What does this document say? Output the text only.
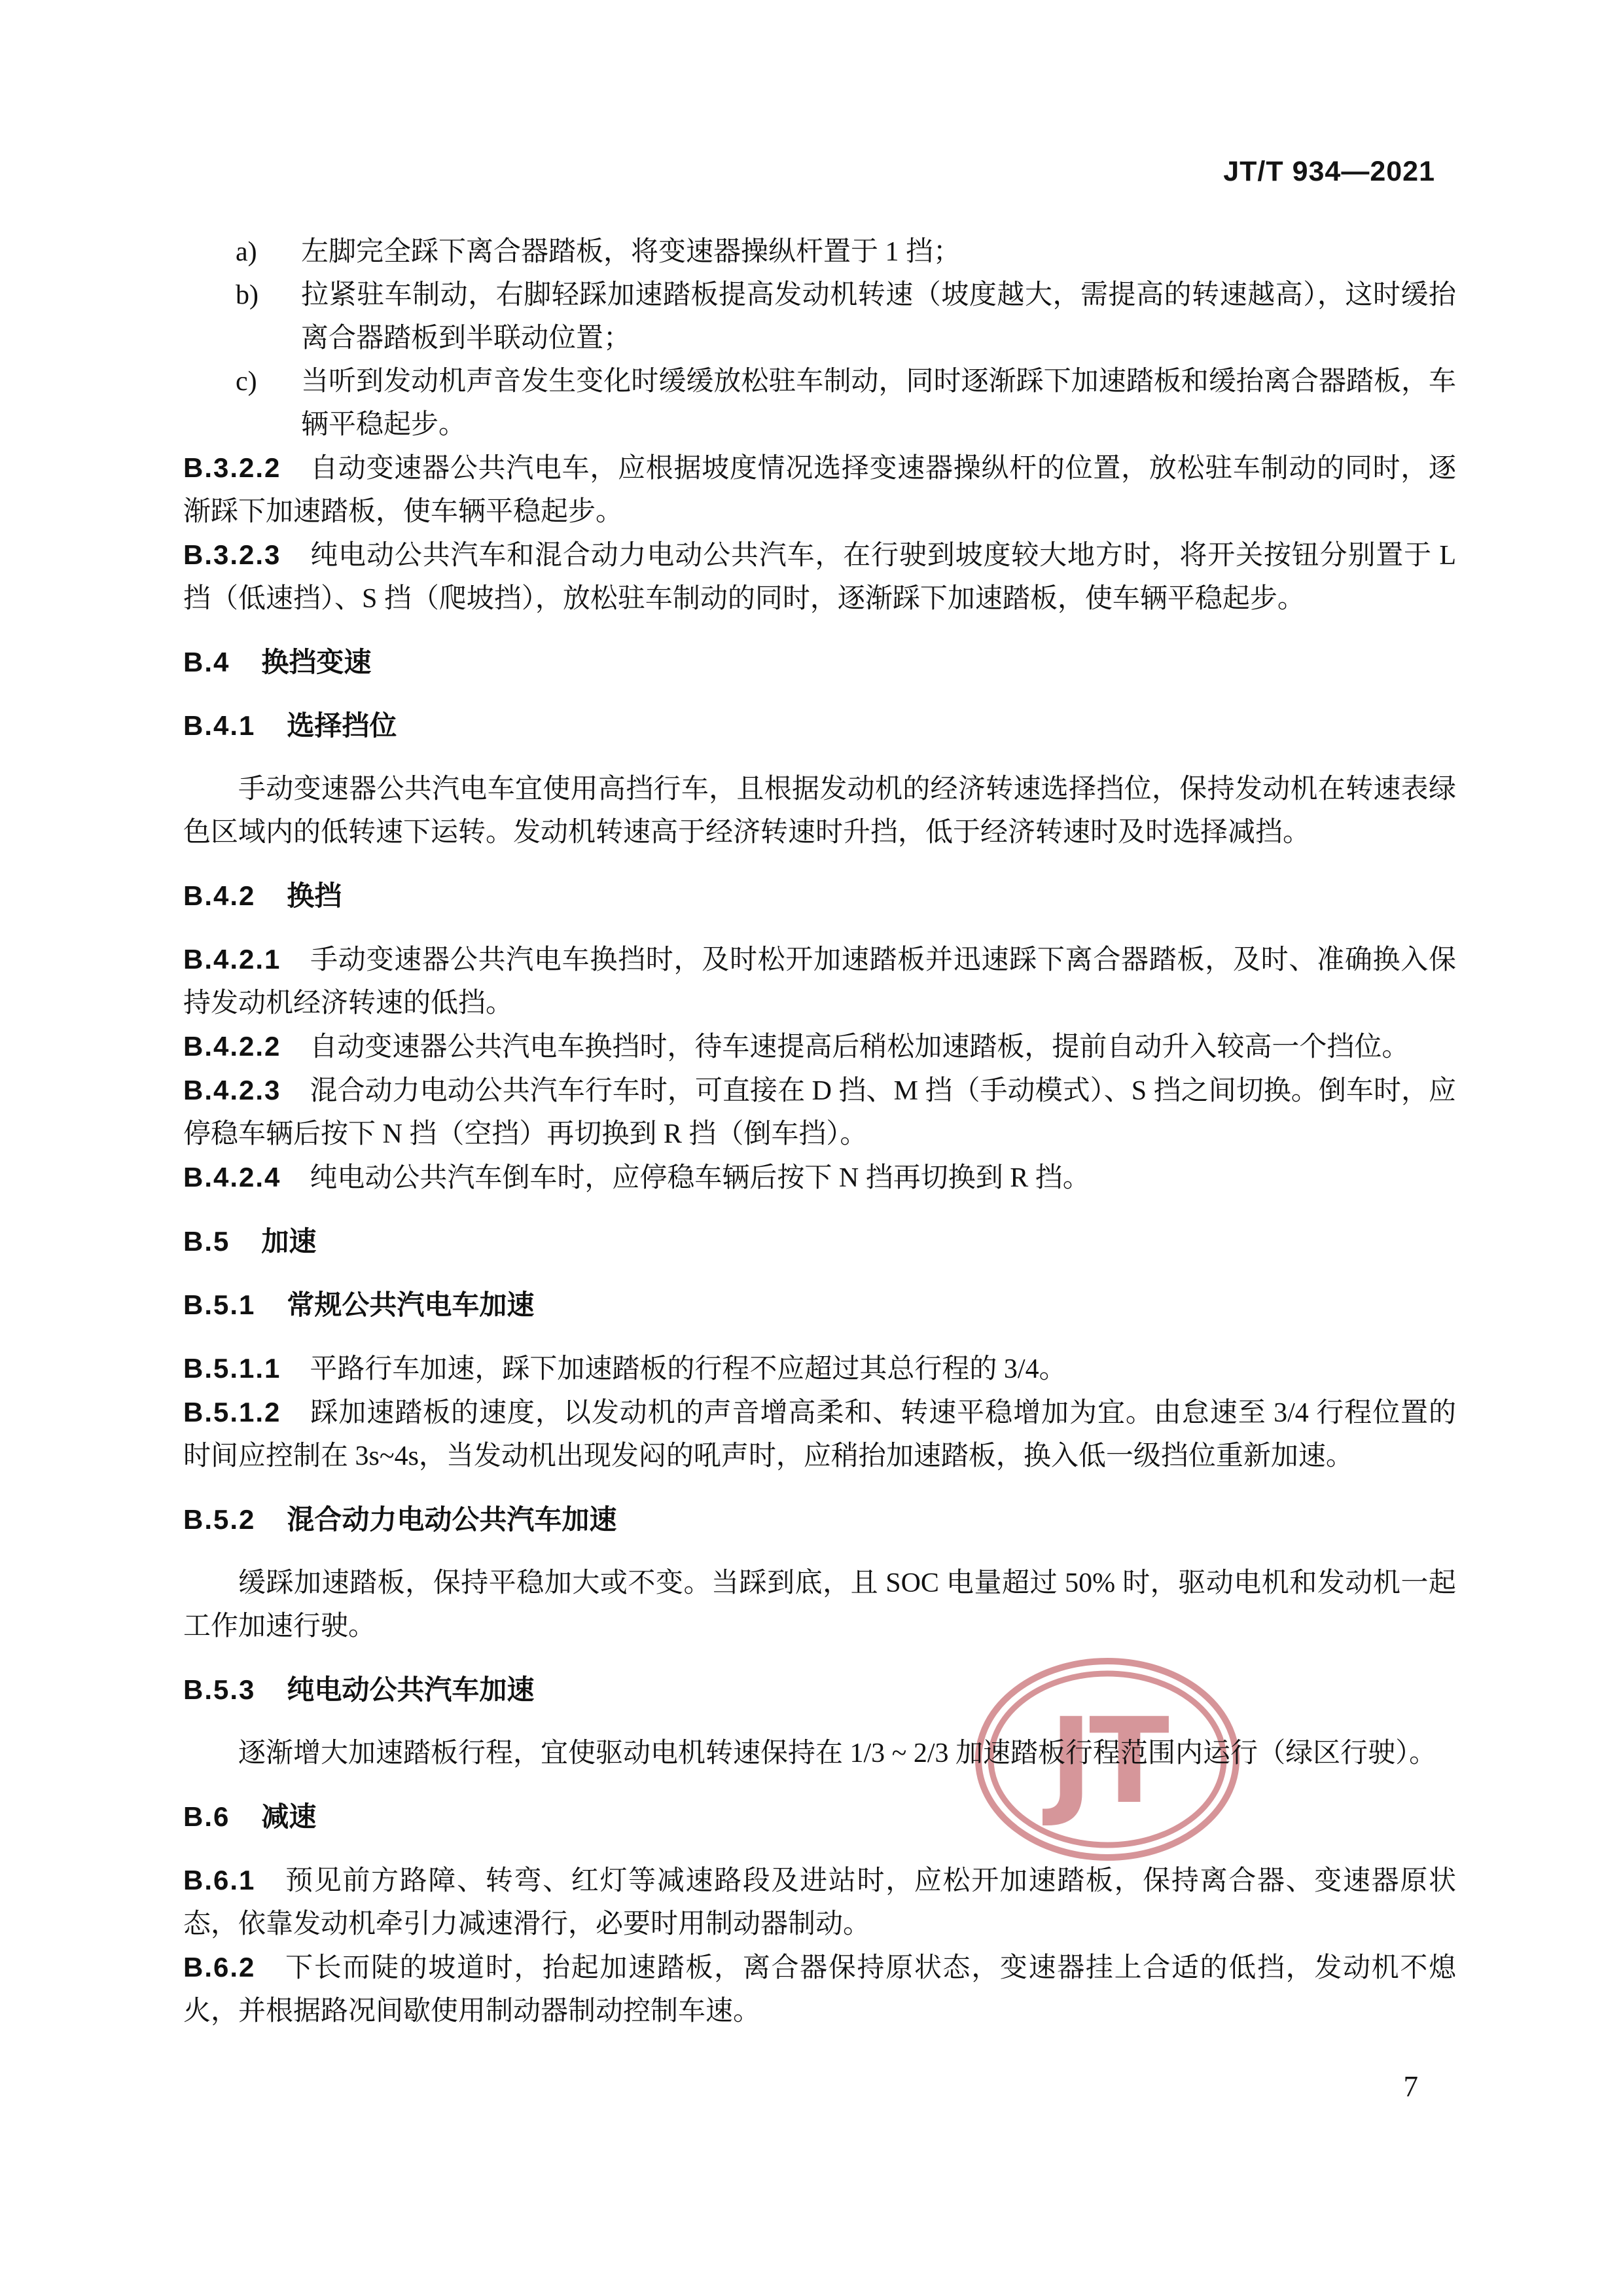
JT/T 934—2021
JT
a) 左脚完全踩下离合器踏板，将变速器操纵杆置于 1 挡；
b) 拉紧驻车制动，右脚轻踩加速踏板提高发动机转速（坡度越大，需提高的转速越高），这时缓抬离合器踏板到半联动位置；
c) 当听到发动机声音发生变化时缓缓放松驻车制动，同时逐渐踩下加速踏板和缓抬离合器踏板，车辆平稳起步。

B.3.2.2 自动变速器公共汽电车，应根据坡度情况选择变速器操纵杆的位置，放松驻车制动的同时，逐渐踩下加速踏板，使车辆平稳起步。

B.3.2.3 纯电动公共汽车和混合动力电动公共汽车，在行驶到坡度较大地方时，将开关按钮分别置于 L 挡（低速挡）、S 挡（爬坡挡），放松驻车制动的同时，逐渐踩下加速踏板，使车辆平稳起步。

B.4 换挡变速
B.4.1 选择挡位

手动变速器公共汽电车宜使用高挡行车，且根据发动机的经济转速选择挡位，保持发动机在转速表绿色区域内的低转速下运转。发动机转速高于经济转速时升挡，低于经济转速时及时选择减挡。

B.4.2 换挡

B.4.2.1 手动变速器公共汽电车换挡时，及时松开加速踏板并迅速踩下离合器踏板，及时、准确换入保持发动机经济转速的低挡。

B.4.2.2 自动变速器公共汽电车换挡时，待车速提高后稍松加速踏板，提前自动升入较高一个挡位。

B.4.2.3 混合动力电动公共汽车行车时，可直接在 D 挡、M 挡（手动模式）、S 挡之间切换。倒车时，应停稳车辆后按下 N 挡（空挡）再切换到 R 挡（倒车挡）。

B.4.2.4 纯电动公共汽车倒车时，应停稳车辆后按下 N 挡再切换到 R 挡。

B.5 加速
B.5.1 常规公共汽电车加速

B.5.1.1 平路行车加速，踩下加速踏板的行程不应超过其总行程的 3/4。

B.5.1.2 踩加速踏板的速度，以发动机的声音增高柔和、转速平稳增加为宜。由怠速至 3/4 行程位置的时间应控制在 3s~4s，当发动机出现发闷的吼声时，应稍抬加速踏板，换入低一级挡位重新加速。

B.5.2 混合动力电动公共汽车加速

缓踩加速踏板，保持平稳加大或不变。当踩到底，且 SOC 电量超过 50% 时，驱动电机和发动机一起工作加速行驶。

B.5.3 纯电动公共汽车加速

逐渐增大加速踏板行程，宜使驱动电机转速保持在 1/3 ~ 2/3 加速踏板行程范围内运行（绿区行驶）。

B.6 减速

B.6.1 预见前方路障、转弯、红灯等减速路段及进站时，应松开加速踏板，保持离合器、变速器原状态，依靠发动机牵引力减速滑行，必要时用制动器制动。

B.6.2 下长而陡的坡道时，抬起加速踏板，离合器保持原状态，变速器挂上合适的低挡，发动机不熄火，并根据路况间歇使用制动器制动控制车速。

7
